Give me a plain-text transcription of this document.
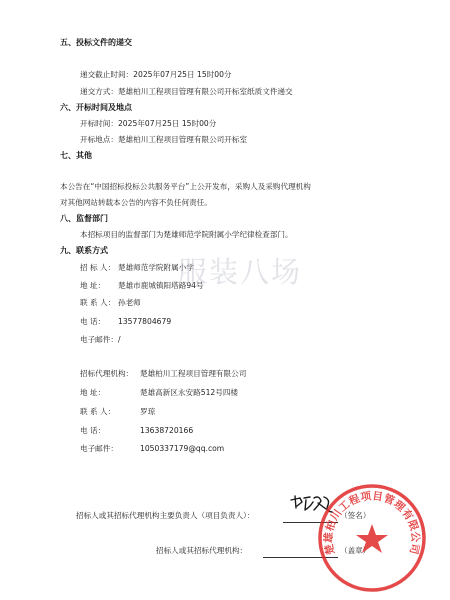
五、投标文件的递交
递交截止时间：2025年07月25日 15时00分
递交方式：楚雄柏川工程项目管理有限公司开标室纸质文件递交
六、开标时间及地点
开标时间：2025年07月25日 15时00分
开标地点：楚雄柏川工程项目管理有限公司开标室
七、其他
本公告在“中国招标投标公共服务平台”上公开发布，采购人及采购代理机构
对其他网站转载本公告的内容不负任何责任。
八、监督部门
本招标项目的监督部门为楚雄师范学院附属小学纪律检查部门。
九、联系方式
招 标 人： 楚雄师范学院附属小学
地 址： 楚雄市鹿城镇阳塔路94号
联 系 人： 孙老师
电 话： 13577804679
电子邮件：/
招标代理机构： 楚雄柏川工程项目管理有限公司
地 址：	楚雄高新区永安路512号四楼
联 系 人：	罗琼
电 话：	13638720166
电子邮件：	1050337179@qq.com
招标人或其招标代理机构主要负责人（项目负责人）：	（签名）
招标人或其招标代理机构：	（盖章）
楚雄柏川工程项目管理有限公司
服装八场
